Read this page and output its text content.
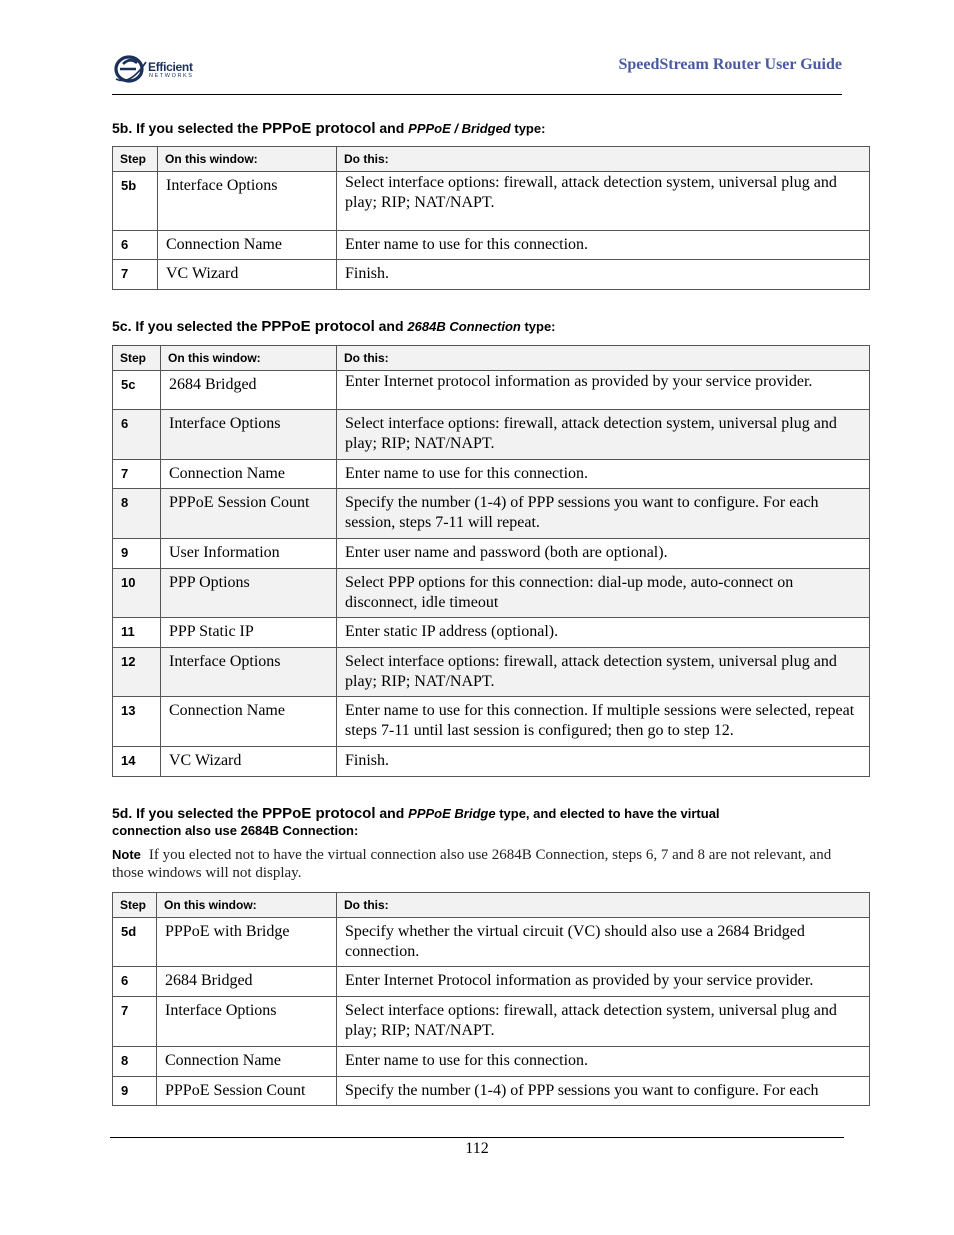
Efficient
NETWORKS
SpeedStream Router User Guide
5b. If you selected the PPPoE protocol and PPPoE / Bridged type:
Step	On this window:	Do this:
5b	Interface Options	Select interface options: firewall, attack detection system, universal plug and play; RIP; NAT/NAPT.
6	Connection Name	Enter name to use for this connection.
7	VC Wizard	Finish.
5c. If you selected the PPPoE protocol and 2684B Connection type:
Step	On this window:	Do this:
5c	2684 Bridged	Enter Internet protocol information as provided by your service provider.
6	Interface Options	Select interface options: firewall, attack detection system, universal plug and play; RIP; NAT/NAPT.
7	Connection Name	Enter name to use for this connection.
8	PPPoE Session Count	Specify the number (1-4) of PPP sessions you want to configure. For each session, steps 7-11 will repeat.
9	User Information	Enter user name and password (both are optional).
10	PPP Options	Select PPP options for this connection: dial-up mode, auto-connect on disconnect, idle timeout
11	PPP Static IP	Enter static IP address (optional).
12	Interface Options	Select interface options: firewall, attack detection system, universal plug and play; RIP; NAT/NAPT.
13	Connection Name	Enter name to use for this connection. If multiple sessions were selected, repeat steps 7-11 until last session is configured; then go to step 12.
14	VC Wizard	Finish.
5d. If you selected the PPPoE protocol and PPPoE Bridge type, and elected to have the virtual
connection also use 2684B Connection:
Note If you elected not to have the virtual connection also use 2684B Connection, steps 6, 7 and 8 are not relevant, and those windows will not display.
Step	On this window:	Do this:
5d	PPPoE with Bridge	Specify whether the virtual circuit (VC) should also use a 2684 Bridged connection.
6	2684 Bridged	Enter Internet Protocol information as provided by your service provider.
7	Interface Options	Select interface options: firewall, attack detection system, universal plug and play; RIP; NAT/NAPT.
8	Connection Name	Enter name to use for this connection.
9	PPPoE Session Count	Specify the number (1-4) of PPP sessions you want to configure. For each
112
